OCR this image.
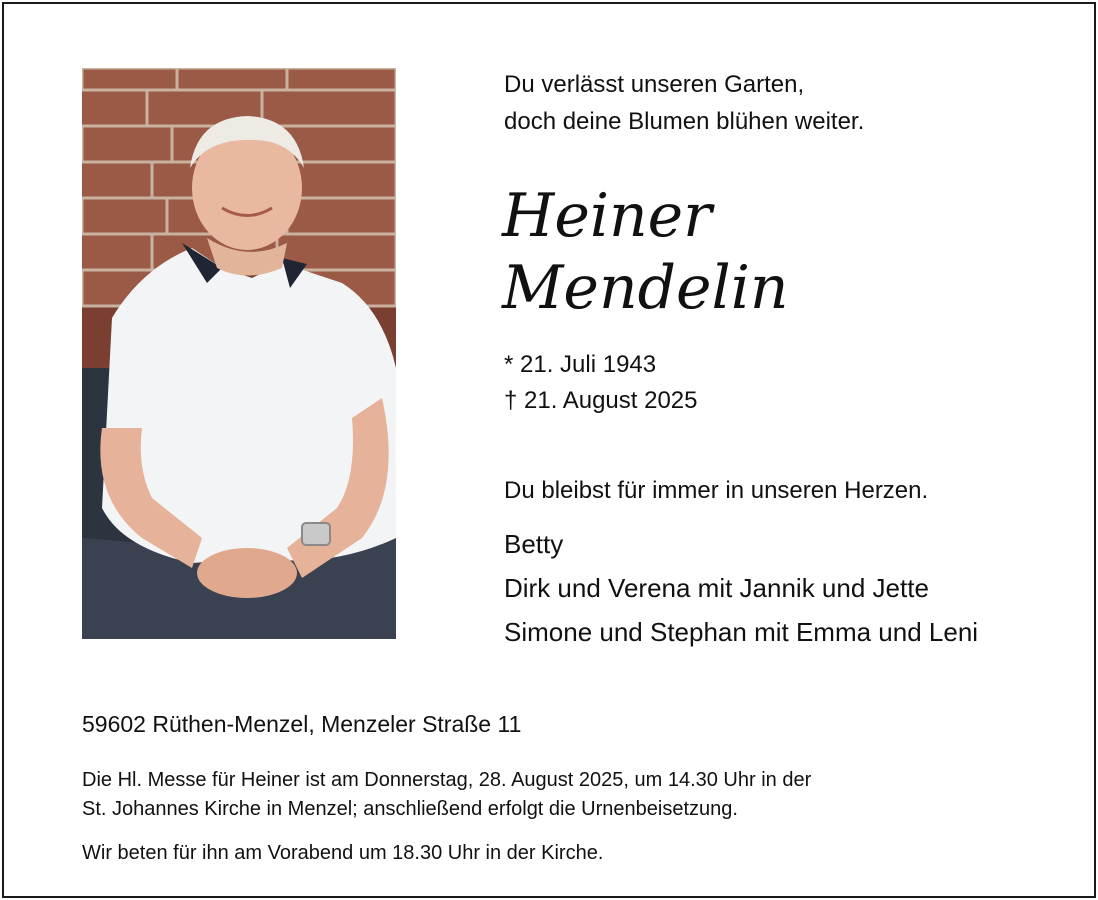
Du verlässt unseren Garten,
doch deine Blumen blühen weiter.
Heiner
Mendelin
* 21. Juli 1943
† 21. August 2025
Du bleibst für immer in unseren Herzen.
Betty
Dirk und Verena mit Jannik und Jette
Simone und Stephan mit Emma und Leni
59602 Rüthen-Menzel, Menzeler Straße 11
Die Hl. Messe für Heiner ist am Donnerstag, 28. August 2025, um 14.30 Uhr in der
St. Johannes Kirche in Menzel; anschließend erfolgt die Urnenbeisetzung.
Wir beten für ihn am Vorabend um 18.30 Uhr in der Kirche.
